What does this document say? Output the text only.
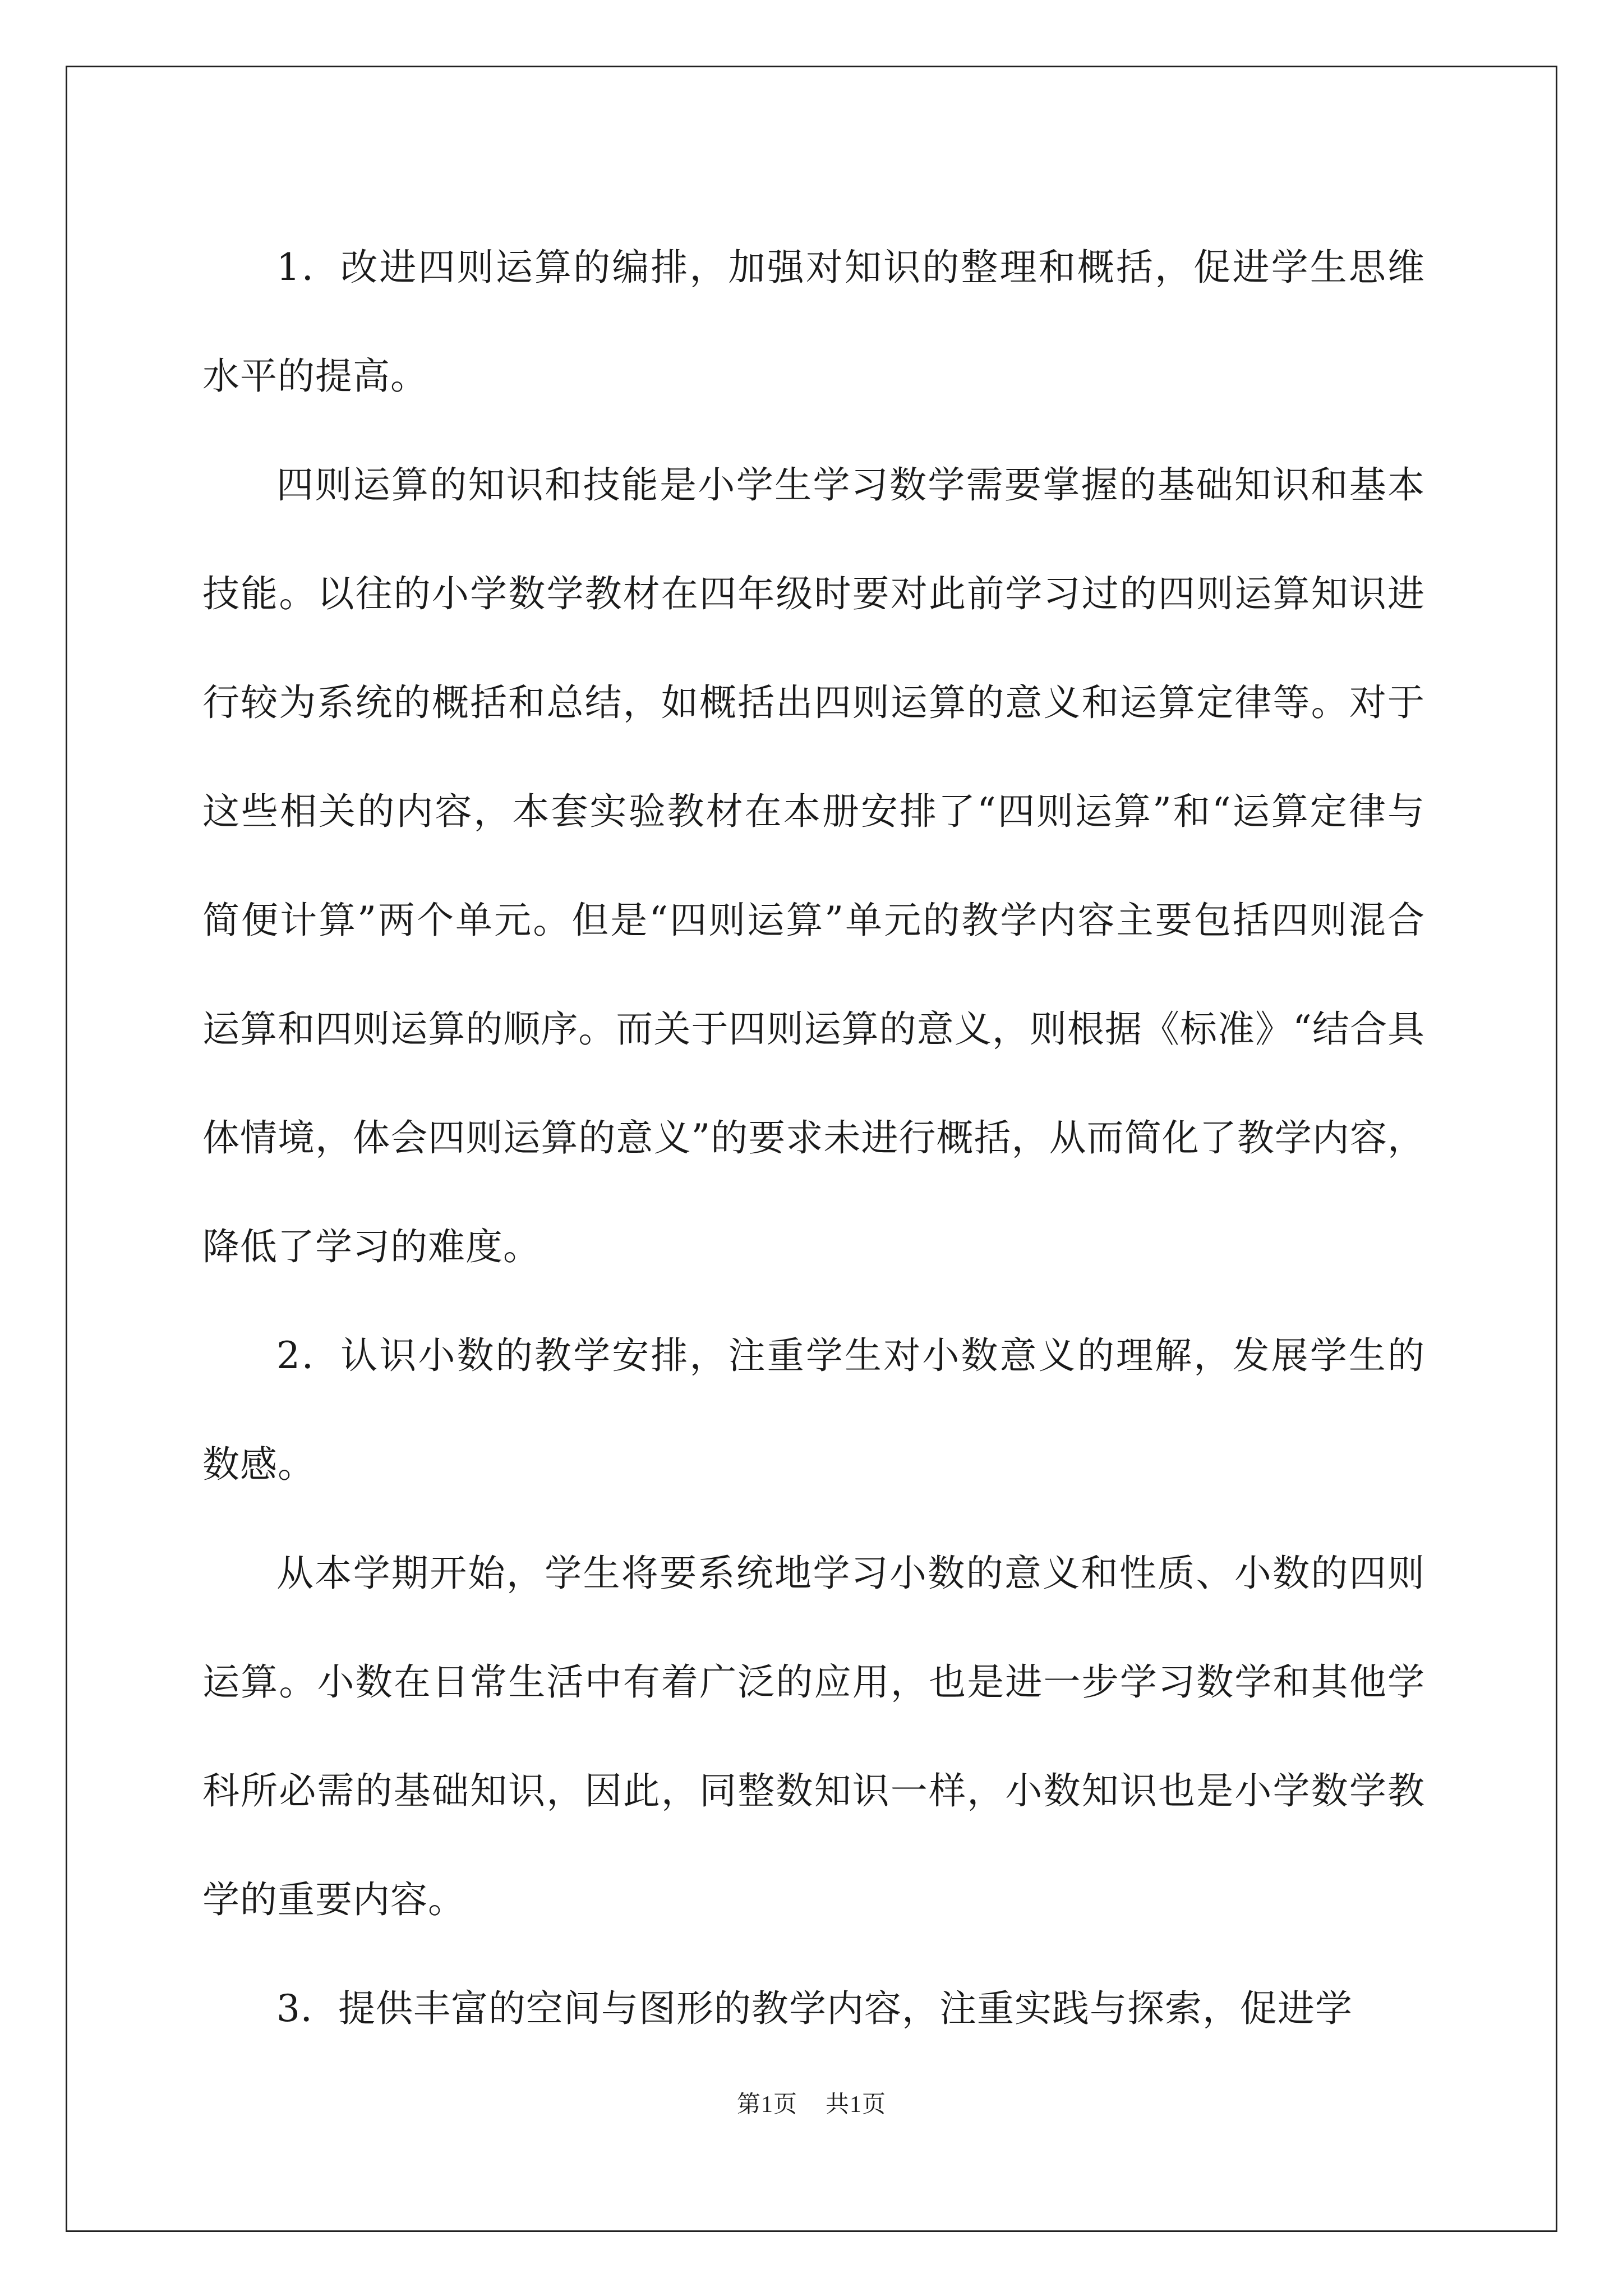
1．改进四则运算的编排，加强对知识的整理和概括，促进学生思维水平的提高。

四则运算的知识和技能是小学生学习数学需要掌握的基础知识和基本技能。以往的小学数学教材在四年级时要对此前学习过的四则运算知识进行较为系统的概括和总结，如概括出四则运算的意义和运算定律等。对于这些相关的内容，本套实验教材在本册安排了“四则运算”和“运算定律与简便计算”两个单元。但是“四则运算”单元的教学内容主要包括四则混合运算和四则运算的顺序。而关于四则运算的意义，则根据《标准》“结合具体情境，体会四则运算的意义”的要求未进行概括，从而简化了教学内容，降低了学习的难度。

2．认识小数的教学安排，注重学生对小数意义的理解，发展学生的数感。

从本学期开始，学生将要系统地学习小数的意义和性质、小数的四则运算。小数在日常生活中有着广泛的应用，也是进一步学习数学和其他学科所必需的基础知识，因此，同整数知识一样，小数知识也是小学数学教学的重要内容。

3．提供丰富的空间与图形的教学内容，注重实践与探索，促进学

第1页 共1页
